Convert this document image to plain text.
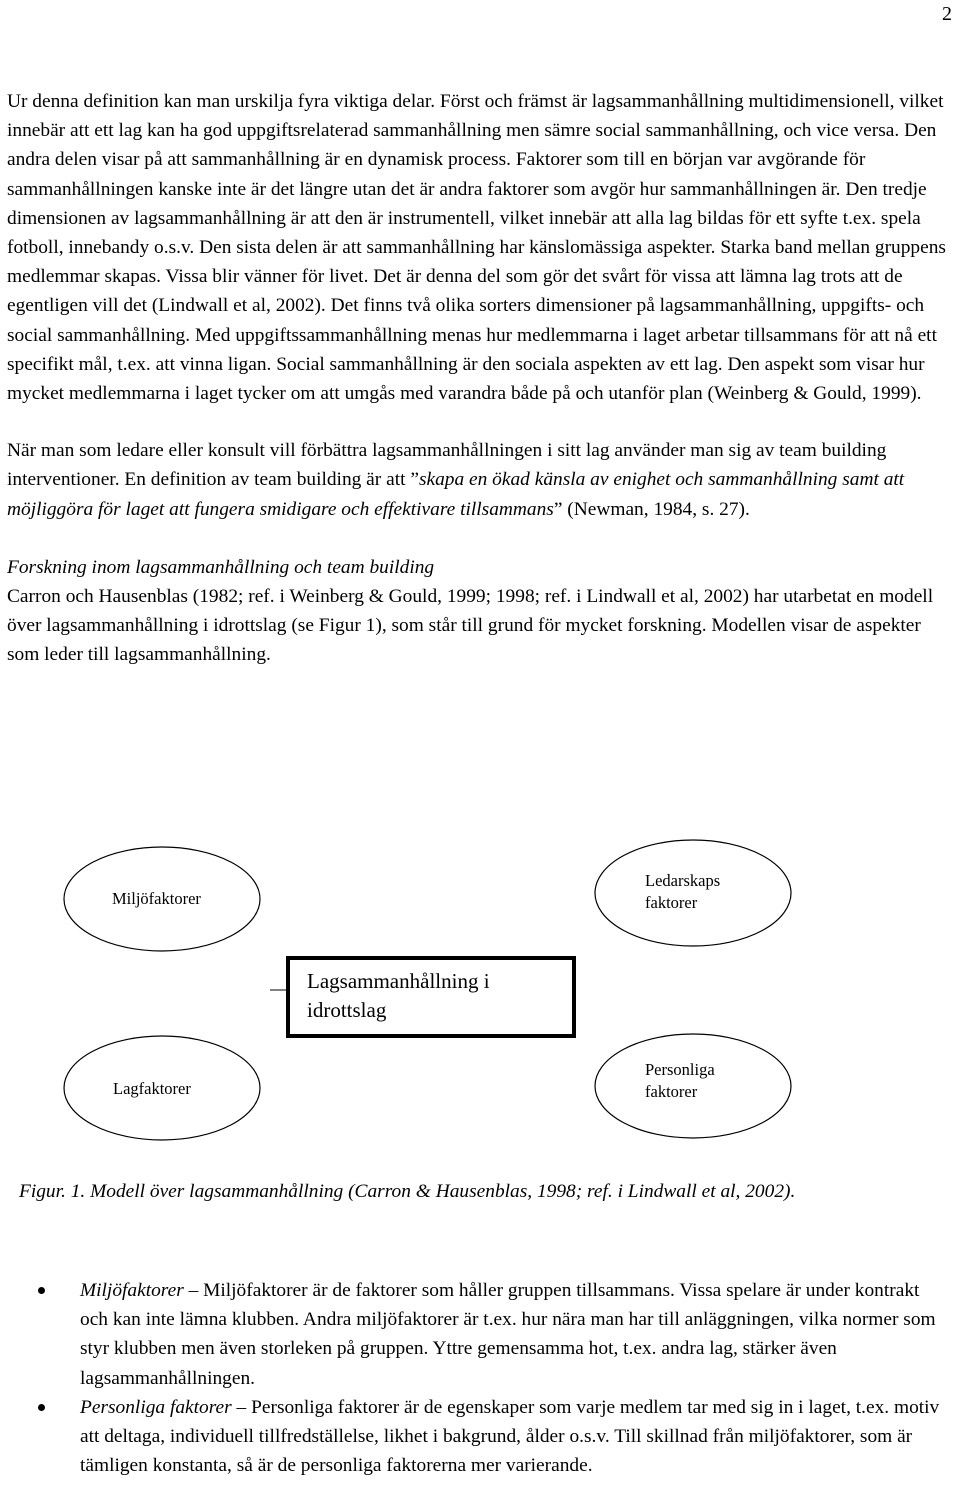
2

Ur denna definition kan man urskilja fyra viktiga delar. Först och främst är lagsammanhållning multidimensionell, vilket innebär att ett lag kan ha god uppgiftsrelaterad sammanhållning men sämre social sammanhållning, och vice versa. Den andra delen visar på att sammanhållning är en dynamisk process. Faktorer som till en början var avgörande för sammanhållningen kanske inte är det längre utan det är andra faktorer som avgör hur sammanhållningen är. Den tredje dimensionen av lagsammanhållning är att den är instrumentell, vilket innebär att alla lag bildas för ett syfte t.ex. spela fotboll, innebandy o.s.v. Den sista delen är att sammanhållning har känslomässiga aspekter. Starka band mellan gruppens medlemmar skapas. Vissa blir vänner för livet. Det är denna del som gör det svårt för vissa att lämna lag trots att de egentligen vill det (Lindwall et al, 2002). Det finns två olika sorters dimensioner på lagsammanhållning, uppgifts- och social sammanhållning. Med uppgiftssammanhållning menas hur medlemmarna i laget arbetar tillsammans för att nå ett specifikt mål, t.ex. att vinna ligan. Social sammanhållning är den sociala aspekten av ett lag. Den aspekt som visar hur mycket medlemmarna i laget tycker om att umgås med varandra både på och utanför plan (Weinberg & Gould, 1999).

När man som ledare eller konsult vill förbättra lagsammanhållningen i sitt lag använder man sig av team building interventioner. En definition av team building är att ”skapa en ökad känsla av enighet och sammanhållning samt att möjliggöra för laget att fungera smidigare och effektivare tillsammans” (Newman, 1984, s. 27).

Forskning inom lagsammanhållning och team building

Carron och Hausenblas (1982; ref. i Weinberg & Gould, 1999; 1998; ref. i Lindwall et al, 2002) har utarbetat en modell över lagsammanhållning i idrottslag (se Figur 1), som står till grund för mycket forskning. Modellen visar de aspekter som leder till lagsammanhållning.

Miljöfaktorer
Ledarskaps
faktorer
Lagfaktorer
Personliga
faktorer
Lagsammanhållning i
idrottslag
Figur. 1. Modell över lagsammanhållning (Carron & Hausenblas, 1998; ref. i Lindwall et al, 2002).
Miljöfaktorer – Miljöfaktorer är de faktorer som håller gruppen tillsammans. Vissa spelare är under kontrakt och kan inte lämna klubben. Andra miljöfaktorer är t.ex. hur nära man har till anläggningen, vilka normer som styr klubben men även storleken på gruppen. Yttre gemensamma hot, t.ex. andra lag, stärker även lagsammanhållningen.
Personliga faktorer – Personliga faktorer är de egenskaper som varje medlem tar med sig in i laget, t.ex. motiv att deltaga, individuell tillfredställelse, likhet i bakgrund, ålder o.s.v. Till skillnad från miljöfaktorer, som är tämligen konstanta, så är de personliga faktorerna mer varierande.
